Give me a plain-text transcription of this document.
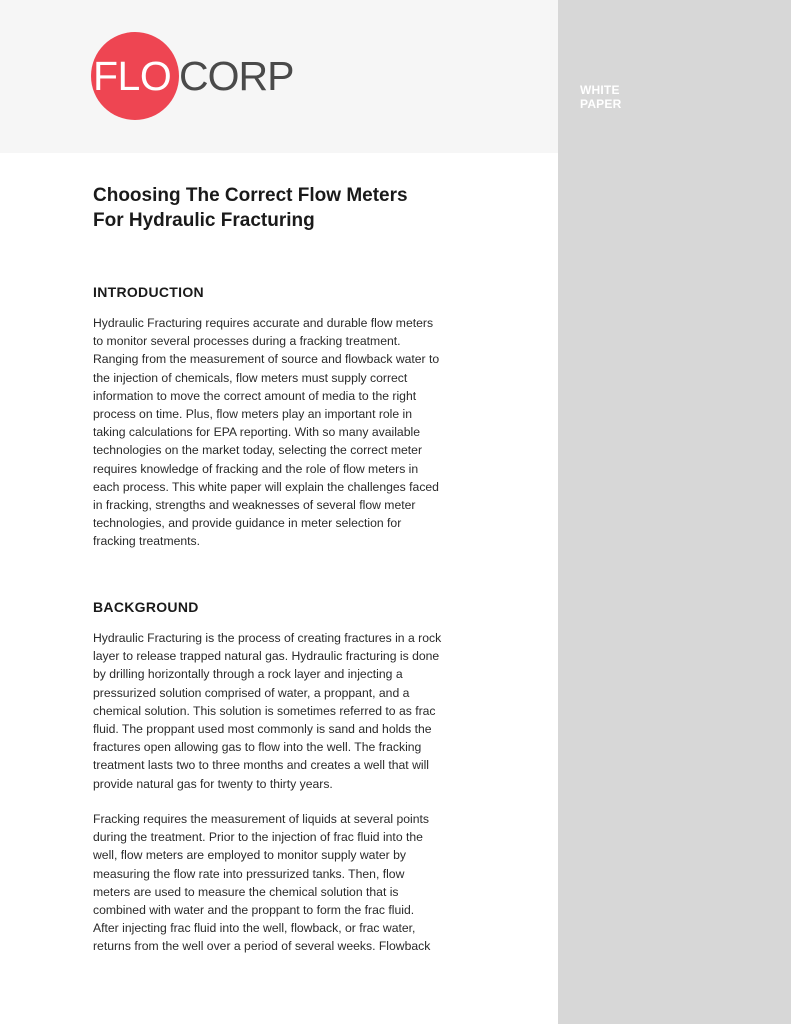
WHITE
PAPER
FLO CORP
Choosing The Correct Flow Meters
For Hydraulic Fracturing
INTRODUCTION
Hydraulic Fracturing requires accurate and durable flow meters
to monitor several processes during a fracking treatment.
Ranging from the measurement of source and flowback water to
the injection of chemicals, flow meters must supply correct
information to move the correct amount of media to the right
process on time. Plus, flow meters play an important role in
taking calculations for EPA reporting. With so many available
technologies on the market today, selecting the correct meter
requires knowledge of fracking and the role of flow meters in
each process. This white paper will explain the challenges faced
in fracking, strengths and weaknesses of several flow meter
technologies, and provide guidance in meter selection for
fracking treatments.
BACKGROUND
Hydraulic Fracturing is the process of creating fractures in a rock
layer to release trapped natural gas. Hydraulic fracturing is done
by drilling horizontally through a rock layer and injecting a
pressurized solution comprised of water, a proppant, and a
chemical solution. This solution is sometimes referred to as frac
fluid. The proppant used most commonly is sand and holds the
fractures open allowing gas to flow into the well. The fracking
treatment lasts two to three months and creates a well that will
provide natural gas for twenty to thirty years.
Fracking requires the measurement of liquids at several points
during the treatment. Prior to the injection of frac fluid into the
well, flow meters are employed to monitor supply water by
measuring the flow rate into pressurized tanks. Then, flow
meters are used to measure the chemical solution that is
combined with water and the proppant to form the frac fluid.
After injecting frac fluid into the well, flowback, or frac water,
returns from the well over a period of several weeks. Flowback
